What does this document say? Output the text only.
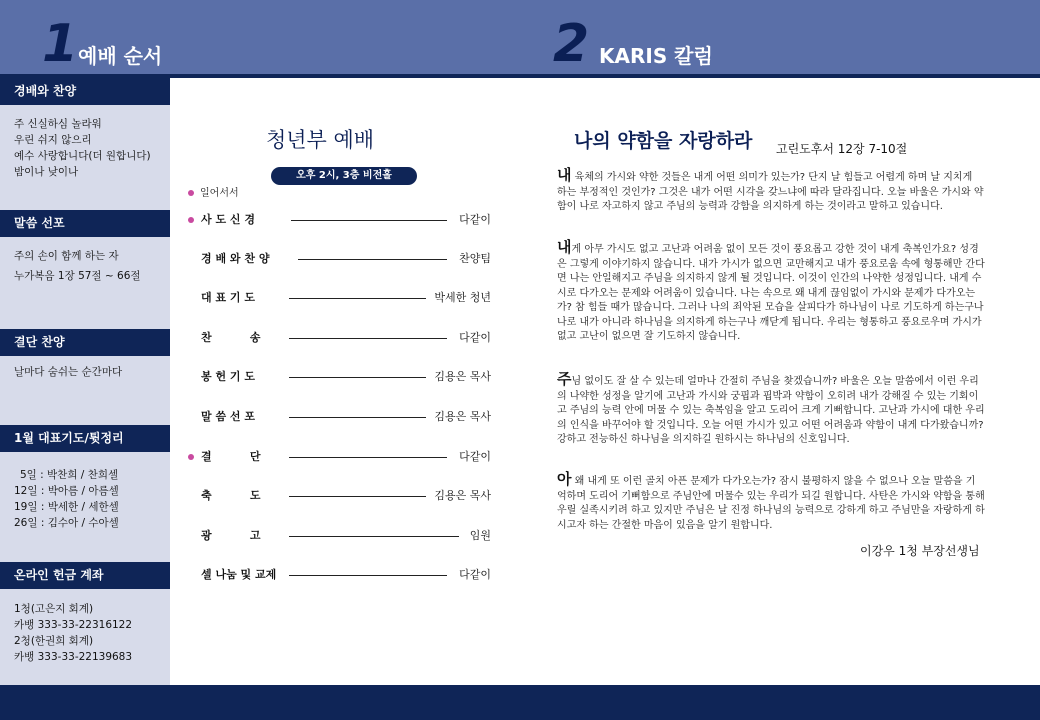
1 예배 순서	2 KARIS 칼럼
경배와 찬양
주 신실하심 놀라워
우린 쉬지 않으리
예수 사랑합니다(더 원합니다)
밤이나 낮이나
말씀 선포
주의 손이 함께 하는 자
누가복음 1장 57절 ~ 66절
결단 찬양
날마다 숨쉬는 순간마다
1월 대표기도/튓정리
5일 : 박찬희 / 찬희셀
12일 : 박아름 / 아름셀
19일 : 박세한 / 세한셀
26일 : 김수아 / 수아셀
온라인 헌금 계좌
1청(고은지 회계)
카뱅 333-33-22316122
2청(한권희 회계)
카뱅 333-33-22139683
청년부 예배
오후 2시, 3층 비전홀
일어서서
사 도 신 경	다같이
경 배 와 찬 양	찬양팀
대 표 기 도	박세한 청년
찬          송	다같이
봉 헌 기 도	김용은 목사
말 씀 선 포	김용은 목사
결          단	다같이
축          도	김용은 목사
광          고	임원
셀 나눔 및 교제	다같이
나의 약함을 자랑하라 고린도후서 12장 7-10절

내 육체의 가시와 약한 것들은 내게 어떤 의미가 있는가? 단지 날 힘들고 어렵게 하며 날 지치게 하는 부정적인 것인가? 그것은 내가 어떤 시각을 갖느냐에 따라 달라집니다. 오늘 바울은 가시와 약함이 나로 자고하지 않고 주님의 능력과 강함을 의지하게 하는 것이라고 말하고 있습니다.

내게 아무 가시도 없고 고난과 어려움 없이 모든 것이 풍요롭고 강한 것이 내게 축복인가요? 성경은 그렇게 이야기하지 않습니다. 내가 가시가 없으면 교만해지고 내가 풍요로움 속에 형통해만 간다면 나는 안일해지고 주님을 의지하지 않게 될 것입니다. 이것이 인간의 나약한 성정입니다. 내게 수시로 다가오는 문제와 어려움이 있습니다. 나는 속으로 왜 내게 끊임없이 가시와 문제가 다가오는가? 참 힘들 때가 많습니다. 그러나 나의 죄악된 모습을 살피다가 하나님이 나로 기도하게 하는구나 나로 내가 아니라 하나님을 의지하게 하는구나 깨닫게 됩니다. 우리는 형통하고 풍요로우며 가시가 없고 고난이 없으면 잘 기도하지 않습니다.

주님 없이도 잘 살 수 있는데 얼마나 간절히 주님을 찾겠습니까? 바울은 오늘 말씀에서 이런 우리의 나약한 성정을 알기에 고난과 가시와 궁핍과 핍박과 약함이 오히려 내가 강해질 수 있는 기회이고 주님의 능력 안에 머물 수 있는 축복임을 알고 도리어 크게 기뻐합니다. 고난과 가시에 대한 우리의 인식을 바꾸어야 할 것입니다. 오늘 어떤 가시가 있고 어떤 어려움과 약함이 내게 다가왔습니까? 강하고 전능하신 하나님을 의지하길 원하시는 하나님의 신호입니다.

아 왜 내게 또 이런 골치 아픈 문제가 다가오는가? 잠시 불평하지 않을 수 없으나 오늘 말씀을 기억하며 도리어 기뻐함으로 주님안에 머물수 있는 우리가 되길 원합니다. 사탄은 가시와 약함을 통해 우릴 실족시키려 하고 있지만 주님은 날 진정 하나님의 능력으로 강하게 하고 주님만을 자랑하게 하시고자 하는 간절한 마음이 있음을 알기 원합니다.

이강우 1청 부장선생님
